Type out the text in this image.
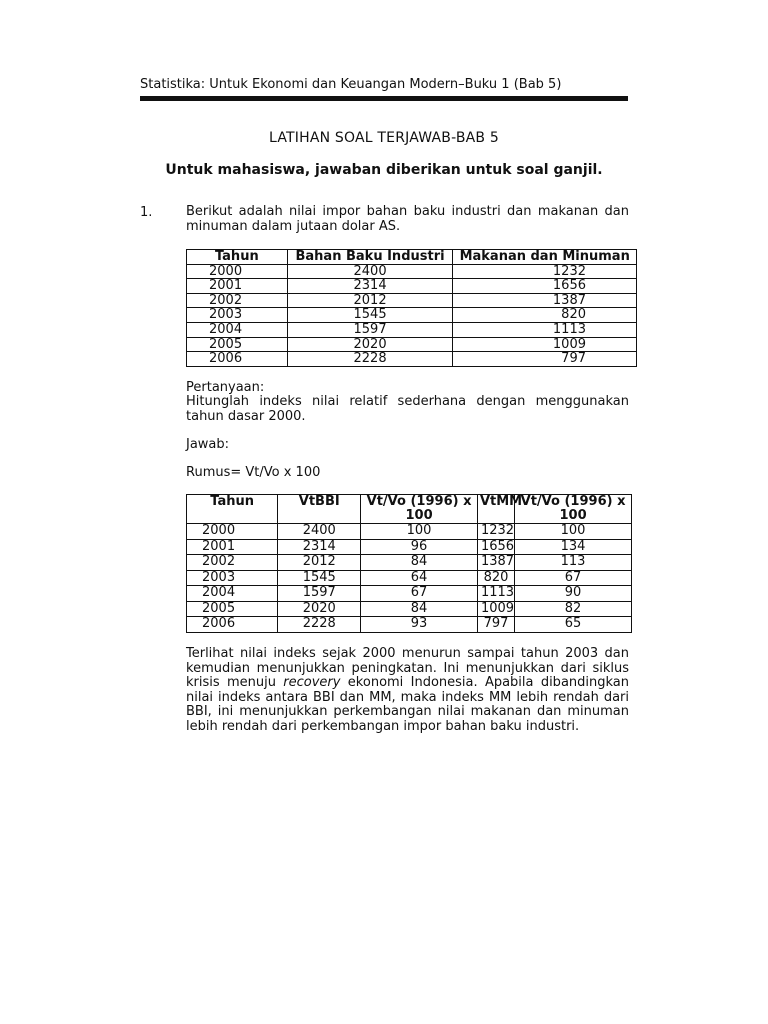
Statistika: Untuk Ekonomi dan Keuangan Modern–Buku 1 (Bab 5)
LATIHAN SOAL TERJAWAB-BAB 5
Untuk mahasiswa, jawaban diberikan untuk soal ganjil.
1.	Berikut adalah nilai impor bahan baku industri dan makanan dan minuman dalam jutaan dolar AS.
Tahun	Bahan Baku Industri	Makanan dan Minuman
2000	2400	1232
2001	2314	1656
2002	2012	1387
2003	1545	820
2004	1597	1113
2005	2020	1009
2006	2228	797
Pertanyaan:
Hitunglah indeks nilai relatif sederhana dengan menggunakan tahun dasar 2000.
Jawab:
Rumus= Vt/Vo x 100
Tahun	VtBBI	Vt/Vo (1996) x 100	VtMM	Vt/Vo (1996) x 100
2000	2400	100	1232	100
2001	2314	96	1656	134
2002	2012	84	1387	113
2003	1545	64	820	67
2004	1597	67	1113	90
2005	2020	84	1009	82
2006	2228	93	797	65
Terlihat nilai indeks sejak 2000 menurun sampai tahun 2003 dan kemudian menunjukkan peningkatan. Ini menunjukkan dari siklus krisis menuju recovery ekonomi Indonesia. Apabila dibandingkan nilai indeks antara BBI dan MM, maka indeks MM lebih rendah dari BBI, ini menunjukkan perkembangan nilai makanan dan minuman lebih rendah dari perkembangan impor bahan baku industri.
